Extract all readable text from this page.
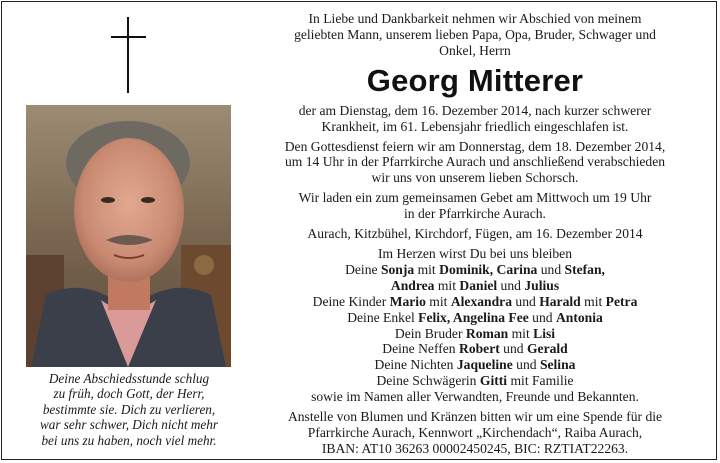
Deine Abschiedsstunde schlug
zu früh, doch Gott, der Herr,
bestimmte sie. Dich zu verlieren,
war sehr schwer, Dich nicht mehr
bei uns zu haben, noch viel mehr.
In Liebe und Dankbarkeit nehmen wir Abschied von meinem
geliebten Mann, unserem lieben Papa, Opa, Bruder, Schwager und
Onkel, Herrn
Georg Mitterer
der am Dienstag, dem 16. Dezember 2014, nach kurzer schwerer
Krankheit, im 61. Lebensjahr friedlich eingeschlafen ist.
Den Gottesdienst feiern wir am Donnerstag, dem 18. Dezember 2014,
um 14 Uhr in der Pfarrkirche Aurach und anschließend verabschieden
wir uns von unserem lieben Schorsch.
Wir laden ein zum gemeinsamen Gebet am Mittwoch um 19 Uhr
in der Pfarrkirche Aurach.
Aurach, Kitzbühel, Kirchdorf, Fügen, am 16. Dezember 2014
Im Herzen wirst Du bei uns bleiben
Deine Sonja mit Dominik, Carina und Stefan,
Andrea mit Daniel und Julius
Deine Kinder Mario mit Alexandra und Harald mit Petra
Deine Enkel Felix, Angelina Fee und Antonia
Dein Bruder Roman mit Lisi
Deine Neffen Robert und Gerald
Deine Nichten Jaqueline und Selina
Deine Schwägerin Gitti mit Familie
sowie im Namen aller Verwandten, Freunde und Bekannten.
Anstelle von Blumen und Kränzen bitten wir um eine Spende für die
Pfarrkirche Aurach, Kennwort „Kirchendach“, Raiba Aurach,
IBAN: AT10 36263 00002450245, BIC: RZTIAT22263.
